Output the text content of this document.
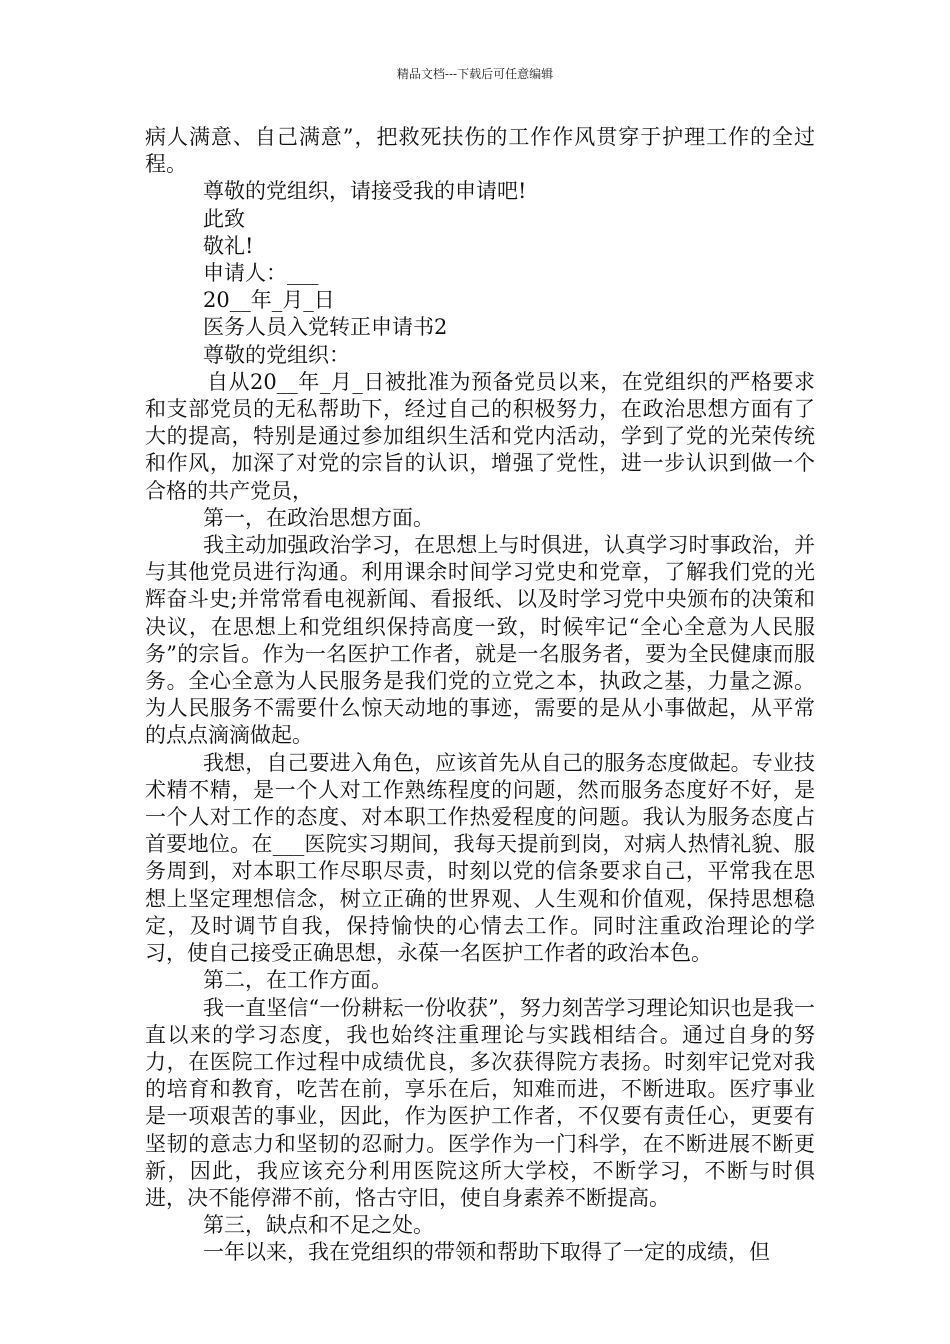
精品文档---下载后可任意编辑

病人满意、自己满意”，把救死扶伤的工作作风贯穿于护理工作的全过程。

尊敬的党组织，请接受我的申请吧!

此致

敬礼!

申请人：___

20__年_月_日

医务人员入党转正申请书2

尊敬的党组织：

自从20__年_月_日被批准为预备党员以来，在党组织的严格要求和支部党员的无私帮助下，经过自己的积极努力，在政治思想方面有了大的提高，特别是通过参加组织生活和党内活动，学到了党的光荣传统和作风，加深了对党的宗旨的认识，增强了党性，进一步认识到做一个合格的共产党员，

第一，在政治思想方面。

我主动加强政治学习，在思想上与时俱进，认真学习时事政治，并与其他党员进行沟通。利用课余时间学习党史和党章，了解我们党的光辉奋斗史;并常常看电视新闻、看报纸、以及时学习党中央颁布的决策和决议，在思想上和党组织保持高度一致，时候牢记“全心全意为人民服务”的宗旨。作为一名医护工作者，就是一名服务者，要为全民健康而服务。全心全意为人民服务是我们党的立党之本，执政之基，力量之源。为人民服务不需要什么惊天动地的事迹，需要的是从小事做起，从平常的点点滴滴做起。

我想，自己要进入角色，应该首先从自己的服务态度做起。专业技术精不精，是一个人对工作熟练程度的问题，然而服务态度好不好，是一个人对工作的态度、对本职工作热爱程度的问题。我认为服务态度占首要地位。在___医院实习期间，我每天提前到岗，对病人热情礼貌、服务周到，对本职工作尽职尽责，时刻以党的信条要求自己，平常我在思想上坚定理想信念，树立正确的世界观、人生观和价值观，保持思想稳定，及时调节自我，保持愉快的心情去工作。同时注重政治理论的学习，使自己接受正确思想，永葆一名医护工作者的政治本色。

第二，在工作方面。

我一直坚信“一份耕耘一份收获”，努力刻苦学习理论知识也是我一直以来的学习态度，我也始终注重理论与实践相结合。通过自身的努力，在医院工作过程中成绩优良，多次获得院方表扬。时刻牢记党对我的培育和教育，吃苦在前，享乐在后，知难而进，不断进取。医疗事业是一项艰苦的事业，因此，作为医护工作者，不仅要有责任心，更要有坚韧的意志力和坚韧的忍耐力。医学作为一门科学，在不断进展不断更新，因此，我应该充分利用医院这所大学校，不断学习，不断与时俱进，决不能停滞不前，恪古守旧，使自身素养不断提高。

第三，缺点和不足之处。

一年以来，我在党组织的带领和帮助下取得了一定的成绩，但
